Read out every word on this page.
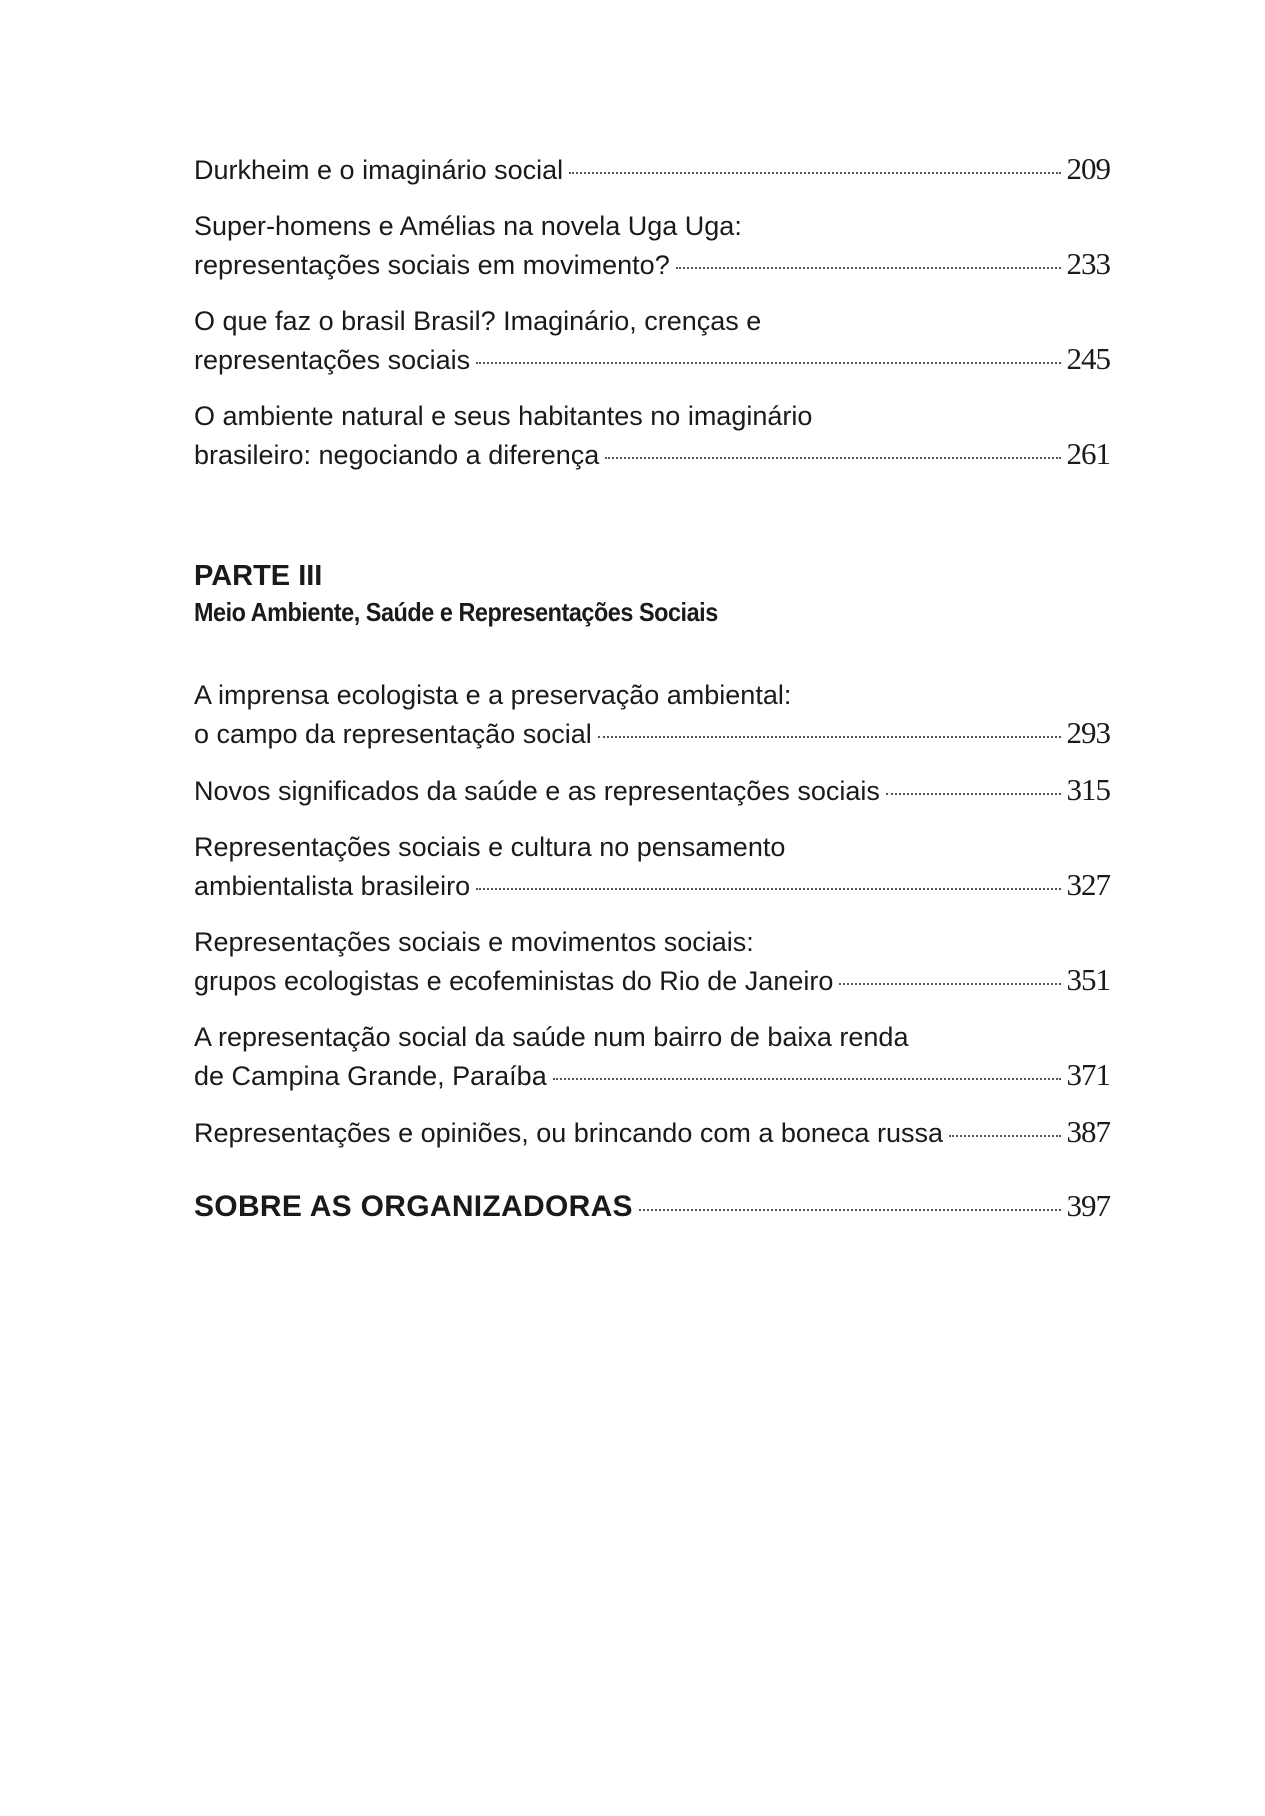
Durkheim e o imaginário social	209
Super-homens e Amélias na novela Uga Uga:
representações sociais em movimento?	233
O que faz o brasil Brasil? Imaginário, crenças e
representações sociais	245
O ambiente natural e seus habitantes no imaginário
brasileiro: negociando a diferença	261
PARTE III
Meio Ambiente, Saúde e Representações Sociais
A imprensa ecologista e a preservação ambiental:
o campo da representação social	293
Novos significados da saúde e as representações sociais	315
Representações sociais e cultura no pensamento
ambientalista brasileiro	327
Representações sociais e movimentos sociais:
grupos ecologistas e ecofeministas do Rio de Janeiro	351
A representação social da saúde num bairro de baixa renda
de Campina Grande, Paraíba	371
Representações e opiniões, ou brincando com a boneca russa	387
SOBRE AS ORGANIZADORAS	397
